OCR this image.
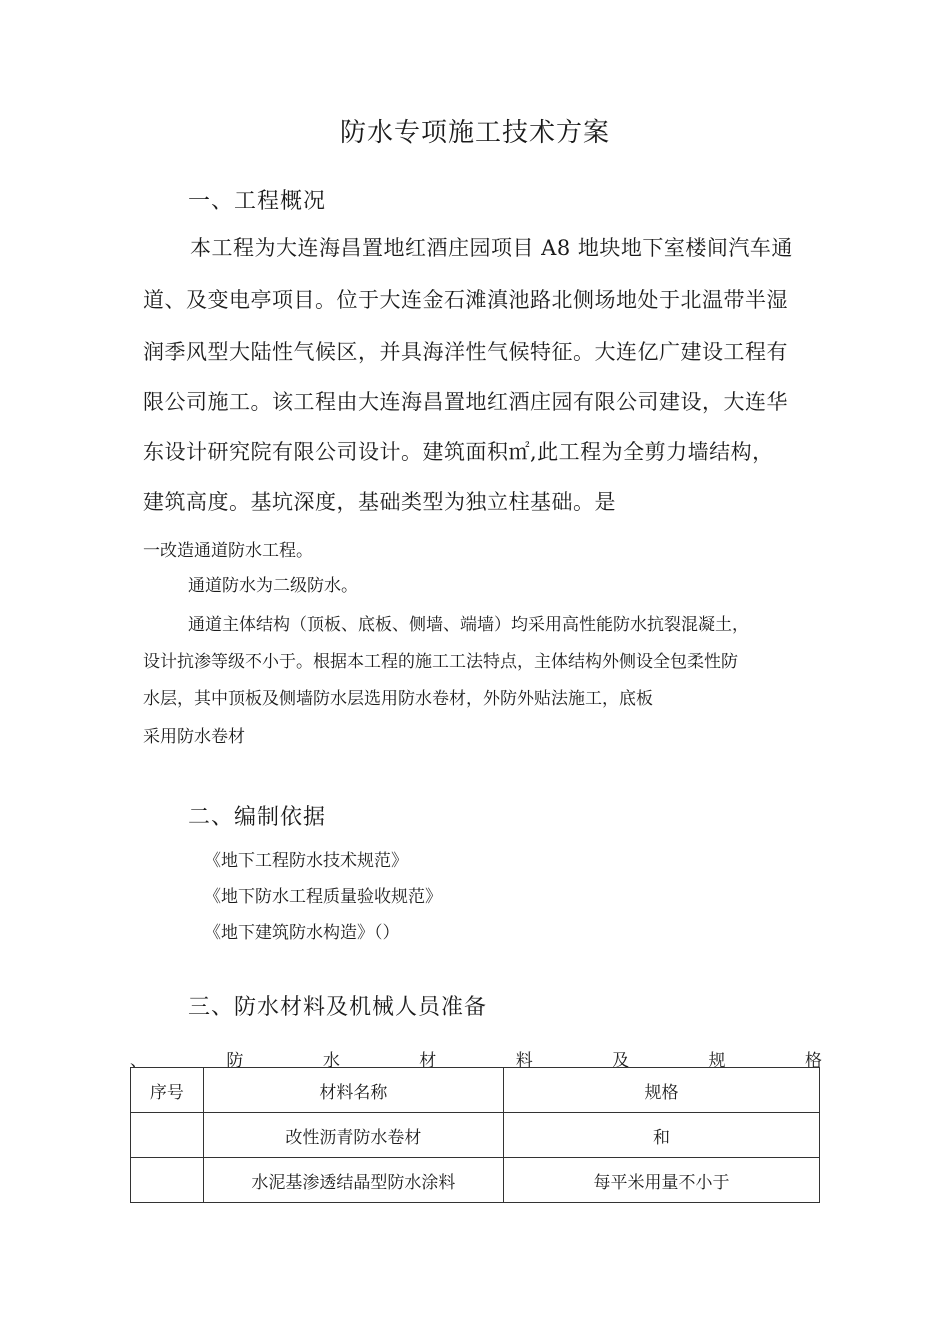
防水专项施工技术方案
一、工程概况
本工程为大连海昌置地红酒庄园项目 A8 地块地下室楼间汽车通
道、及变电亭项目。位于大连金石滩滇池路北侧场地处于北温带半湿
润季风型大陆性气候区，并具海洋性气候特征。大连亿广建设工程有
限公司施工。该工程由大连海昌置地红酒庄园有限公司建设，大连华
东设计研究院有限公司设计。建筑面积㎡,此工程为全剪力墙结构，
建筑高度。基坑深度，基础类型为独立柱基础。是
一改造通道防水工程。
通道防水为二级防水。
通道主体结构（顶板、底板、侧墙、端墙）均采用高性能防水抗裂混凝土，
设计抗渗等级不小于。根据本工程的施工工法特点，主体结构外侧设全包柔性防
水层，其中顶板及侧墙防水层选用防水卷材，外防外贴法施工，底板
采用防水卷材
二、编制依据
《地下工程防水技术规范》
《地下防水工程质量验收规范》
《地下建筑防水构造》（）
三、防水材料及机械人员准备
、	防	水	材	料	及	规	格
序号	材料名称	规格
	改性沥青防水卷材	和
	水泥基渗透结晶型防水涂料	每平米用量不小于
